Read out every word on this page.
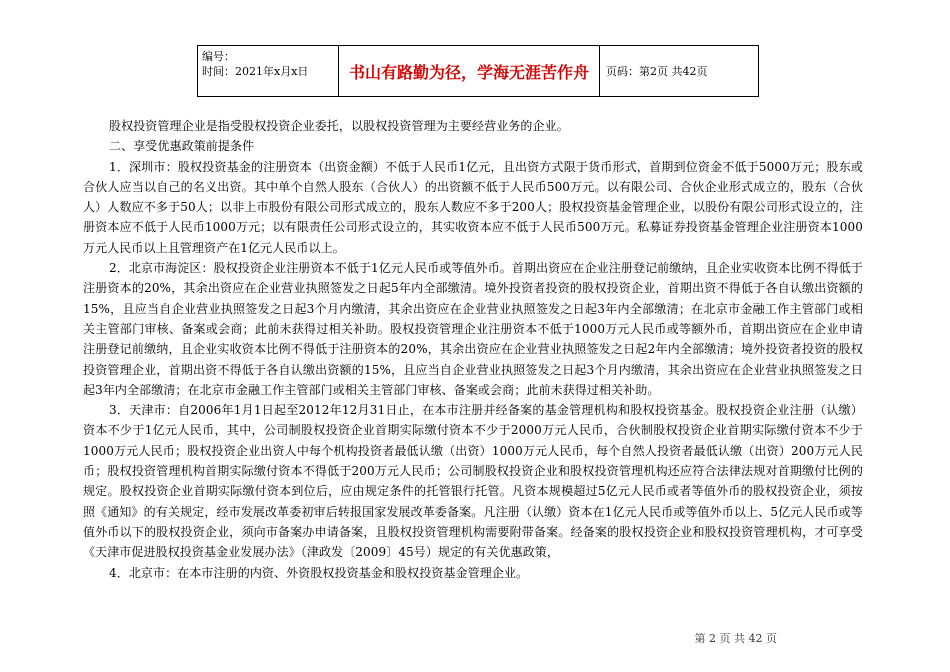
编号：
时间：2021年x月x日	书山有路勤为径，学海无涯苦作舟	页码：第2页 共42页

股权投资管理企业是指受股权投资企业委托，以股权投资管理为主要经营业务的企业。

二、享受优惠政策前提条件

1．深圳市：股权投资基金的注册资本（出资金额）不低于人民币1亿元，且出资方式限于货币形式，首期到位资金不低于5000万元；股东或合伙人应当以自己的名义出资。其中单个自然人股东（合伙人）的出资额不低于人民币500万元。以有限公司、合伙企业形式成立的，股东（合伙人）人数应不多于50人；以非上市股份有限公司形式成立的，股东人数应不多于200人；股权投资基金管理企业，以股份有限公司形式设立的，注册资本应不低于人民币1000万元；以有限责任公司形式设立的，其实收资本应不低于人民币500万元。私募证券投资基金管理企业注册资本1000万元人民币以上且管理资产在1亿元人民币以上。

2．北京市海淀区：股权投资企业注册资本不低于1亿元人民币或等值外币。首期出资应在企业注册登记前缴纳，且企业实收资本比例不得低于注册资本的20%，其余出资应在企业营业执照签发之日起5年内全部缴清。境外投资者投资的股权投资企业，首期出资不得低于各自认缴出资额的15%，且应当自企业营业执照签发之日起3个月内缴清，其余出资应在企业营业执照签发之日起3年内全部缴清；在北京市金融工作主管部门或相关主管部门审核、备案或会商；此前未获得过相关补助。股权投资管理企业注册资本不低于1000万元人民币或等额外币，首期出资应在企业申请注册登记前缴纳，且企业实收资本比例不得低于注册资本的20%，其余出资应在企业营业执照签发之日起2年内全部缴清；境外投资者投资的股权投资管理企业，首期出资不得低于各自认缴出资额的15%，且应当自企业营业执照签发之日起3个月内缴清，其余出资应在企业营业执照签发之日起3年内全部缴清；在北京市金融工作主管部门或相关主管部门审核、备案或会商；此前未获得过相关补助。

3．天津市：自2006年1月1日起至2012年12月31日止，在本市注册并经备案的基金管理机构和股权投资基金。股权投资企业注册（认缴）资本不少于1亿元人民币，其中，公司制股权投资企业首期实际缴付资本不少于2000万元人民币，合伙制股权投资企业首期实际缴付资本不少于1000万元人民币；股权投资企业出资人中每个机构投资者最低认缴（出资）1000万元人民币，每个自然人投资者最低认缴（出资）200万元人民币；股权投资管理机构首期实际缴付资本不得低于200万元人民币；公司制股权投资企业和股权投资管理机构还应符合法律法规对首期缴付比例的规定。股权投资企业首期实际缴付资本到位后，应由规定条件的托管银行托管。凡资本规模超过5亿元人民币或者等值外币的股权投资企业，须按照《通知》的有关规定，经市发展改革委初审后转报国家发展改革委备案。凡注册（认缴）资本在1亿元人民币或等值外币以上、5亿元人民币或等值外币以下的股权投资企业，须向市备案办申请备案，且股权投资管理机构需要附带备案。经备案的股权投资企业和股权投资管理机构，才可享受《天津市促进股权投资基金业发展办法》（津政发〔2009〕45号）规定的有关优惠政策，

4．北京市：在本市注册的内资、外资股权投资基金和股权投资基金管理企业。

第 2 页 共 42 页
